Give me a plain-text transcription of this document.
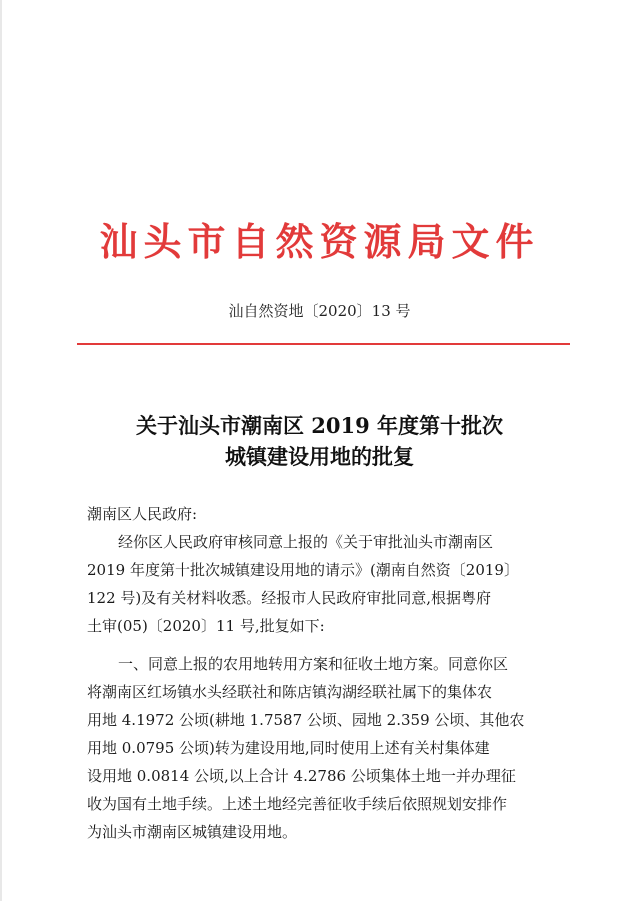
汕头市自然资源局文件
汕自然资地〔2020〕13 号
关于汕头市潮南区 2019 年度第十批次
城镇建设用地的批复
潮南区人民政府:
经你区人民政府审核同意上报的《关于审批汕头市潮南区
2019 年度第十批次城镇建设用地的请示》(潮南自然资〔2019〕
122 号)及有关材料收悉。经报市人民政府审批同意,根据粤府
土审(05)〔2020〕11 号,批复如下:
一、同意上报的农用地转用方案和征收土地方案。同意你区
将潮南区红场镇水头经联社和陈店镇沟湖经联社属下的集体农
用地 4.1972 公顷(耕地 1.7587 公顷、园地 2.359 公顷、其他农
用地 0.0795 公顷)转为建设用地,同时使用上述有关村集体建
设用地 0.0814 公顷,以上合计 4.2786 公顷集体土地一并办理征
收为国有土地手续。上述土地经完善征收手续后依照规划安排作
为汕头市潮南区城镇建设用地。
